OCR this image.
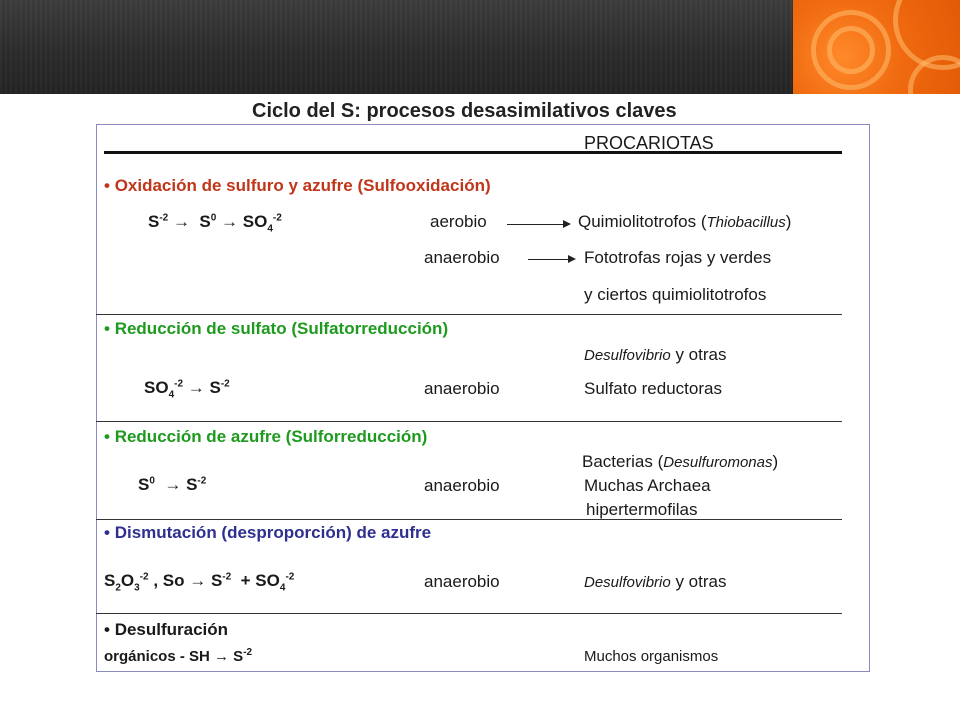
Ciclo del S: procesos desasimilativos claves
PROCARIOTAS
• Oxidación de sulfuro y azufre (Sulfooxidación)
$S^{-2} \to S^0 \to SO_4^{-2}$	aerobio	Quimiolitotrofos (Thiobacillus)
anaerobio	Fototrofas rojas y verdes
y ciertos quimiolitotrofos
• Reducción de sulfato (Sulfatorreducción)
Desulfovibrio y otras
$SO_4^{-2} \to S^{-2}$	anaerobio	Sulfato reductoras
• Reducción de azufre (Sulforreducción)
Bacterias (Desulfuromonas)
$S^0 \to S^{-2}$	anaerobio	Muchas Archaea
hipertermofilas
• Dismutación (desproporción) de azufre
$S_2O_3^{-2}$ , $So \to S^{-2} + SO_4^{-2}$	anaerobio	Desulfovibrio y otras
• Desulfuración
orgánicos - SH → $S^{-2}$	Muchos organismos
